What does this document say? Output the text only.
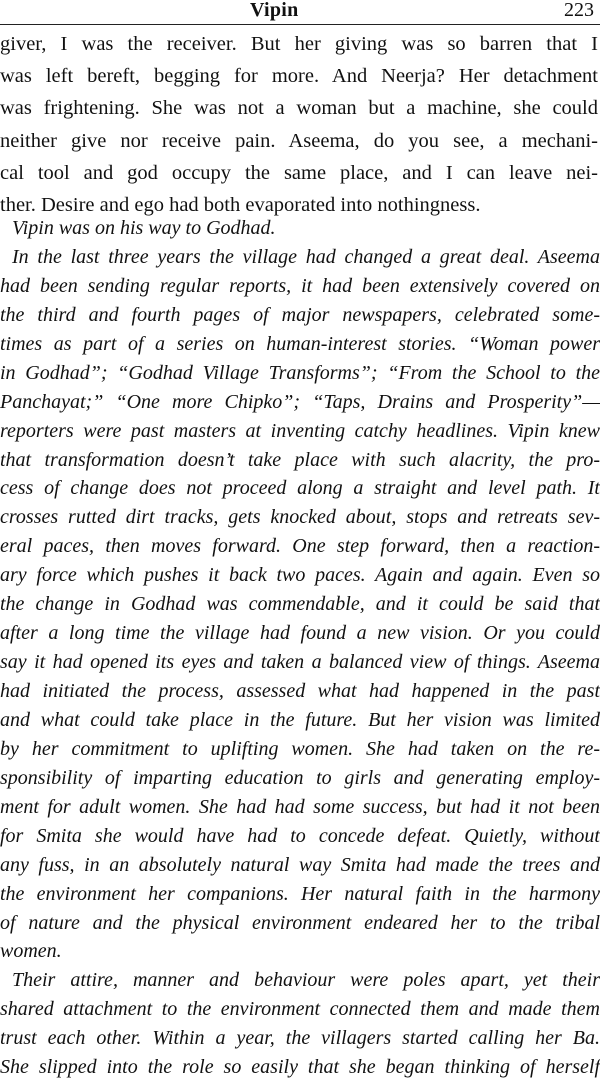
Vipin	223
giver, I was the receiver. But her giving was so barren that I
was left bereft, begging for more. And Neerja? Her detachment
was frightening. She was not a woman but a machine, she could
neither give nor receive pain. Aseema, do you see, a mechani-
cal tool and god occupy the same place, and I can leave nei-
ther. Desire and ego had both evaporated into nothingness.
Vipin was on his way to Godhad.
In the last three years the village had changed a great deal. Aseema
had been sending regular reports, it had been extensively covered on
the third and fourth pages of major newspapers, celebrated some-
times as part of a series on human-interest stories. “Woman power
in Godhad”; “Godhad Village Transforms”; “From the School to the
Panchayat;” “One more Chipko”; “Taps, Drains and Prosperity”—
reporters were past masters at inventing catchy headlines. Vipin knew
that transformation doesn’t take place with such alacrity, the pro-
cess of change does not proceed along a straight and level path. It
crosses rutted dirt tracks, gets knocked about, stops and retreats sev-
eral paces, then moves forward. One step forward, then a reaction-
ary force which pushes it back two paces. Again and again. Even so
the change in Godhad was commendable, and it could be said that
after a long time the village had found a new vision. Or you could
say it had opened its eyes and taken a balanced view of things. Aseema
had initiated the process, assessed what had happened in the past
and what could take place in the future. But her vision was limited
by her commitment to uplifting women. She had taken on the re-
sponsibility of imparting education to girls and generating employ-
ment for adult women. She had had some success, but had it not been
for Smita she would have had to concede defeat. Quietly, without
any fuss, in an absolutely natural way Smita had made the trees and
the environment her companions. Her natural faith in the harmony
of nature and the physical environment endeared her to the tribal
women.
Their attire, manner and behaviour were poles apart, yet their
shared attachment to the environment connected them and made them
trust each other. Within a year, the villagers started calling her Ba.
She slipped into the role so easily that she began thinking of herself
